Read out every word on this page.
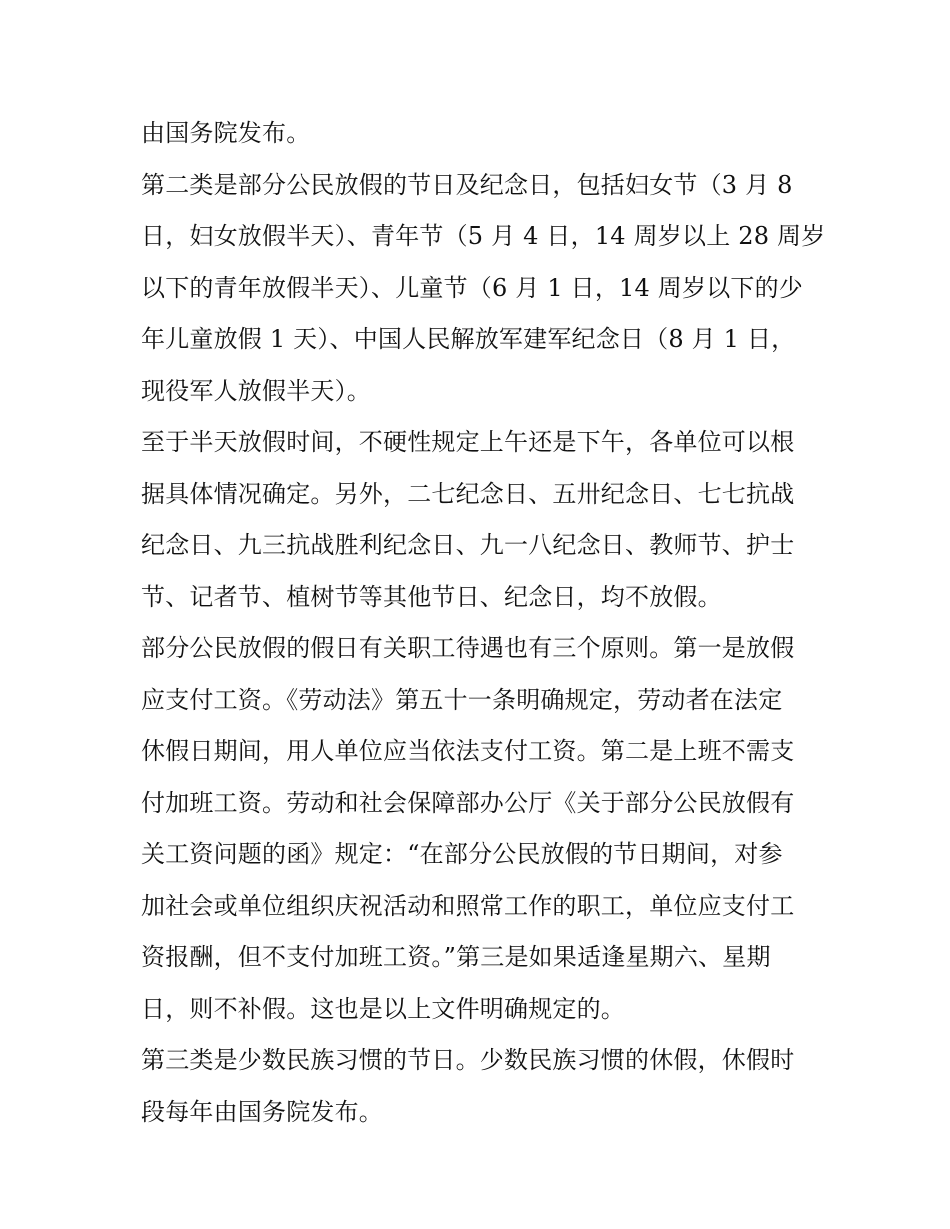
由国务院发布。
第二类是部分公民放假的节日及纪念日，包括妇女节（3 月 8
日，妇女放假半天）、青年节（5 月 4 日，14 周岁以上 28 周岁
以下的青年放假半天）、儿童节（6 月 1 日，14 周岁以下的少
年儿童放假 1 天）、中国人民解放军建军纪念日（8 月 1 日，
现役军人放假半天）。
至于半天放假时间，不硬性规定上午还是下午，各单位可以根
据具体情况确定。另外，二七纪念日、五卅纪念日、七七抗战
纪念日、九三抗战胜利纪念日、九一八纪念日、教师节、护士
节、记者节、植树节等其他节日、纪念日，均不放假。
部分公民放假的假日有关职工待遇也有三个原则。第一是放假
应支付工资。《劳动法》第五十一条明确规定，劳动者在法定
休假日期间，用人单位应当依法支付工资。第二是上班不需支
付加班工资。劳动和社会保障部办公厅《关于部分公民放假有
关工资问题的函》规定：“在部分公民放假的节日期间，对参
加社会或单位组织庆祝活动和照常工作的职工，单位应支付工
资报酬，但不支付加班工资。”第三是如果适逢星期六、星期
日，则不补假。这也是以上文件明确规定的。
第三类是少数民族习惯的节日。少数民族习惯的休假，休假时
段每年由国务院发布。
